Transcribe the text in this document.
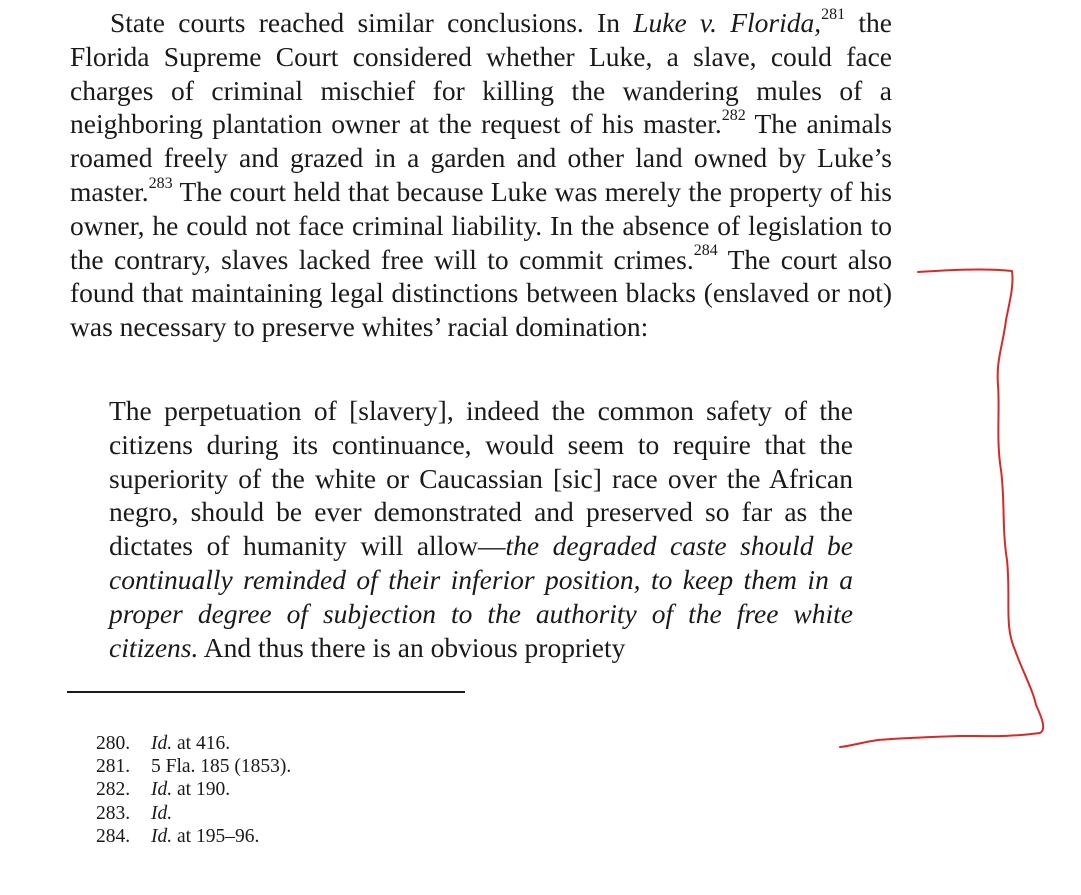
State courts reached similar conclusions. In Luke v. Florida,$^{281}$ the Florida Supreme Court considered whether Luke, a slave, could face charges of criminal mischief for killing the wandering mules of a neighboring plantation owner at the request of his master.$^{282}$ The animals roamed freely and grazed in a garden and other land owned by Luke’s master.$^{283}$ The court held that because Luke was merely the property of his owner, he could not face criminal liability. In the absence of legislation to the contrary, slaves lacked free will to commit crimes.$^{284}$ The court also found that maintaining legal distinctions between blacks (enslaved or not) was necessary to preserve whites’ racial domination:

The perpetuation of [slavery], indeed the common safety of the citizens during its continuance, would seem to require that the superiority of the white or Caucassian [sic] race over the African negro, should be ever demonstrated and preserved so far as the dictates of humanity will allow—the degraded caste should be continually reminded of their inferior position, to keep them in a proper degree of subjection to the authority of the free white citizens. And thus there is an obvious propriety

280. Id. at 416.
281. 5 Fla. 185 (1853).
282. Id. at 190.
283. Id.
284. Id. at 195–96.
